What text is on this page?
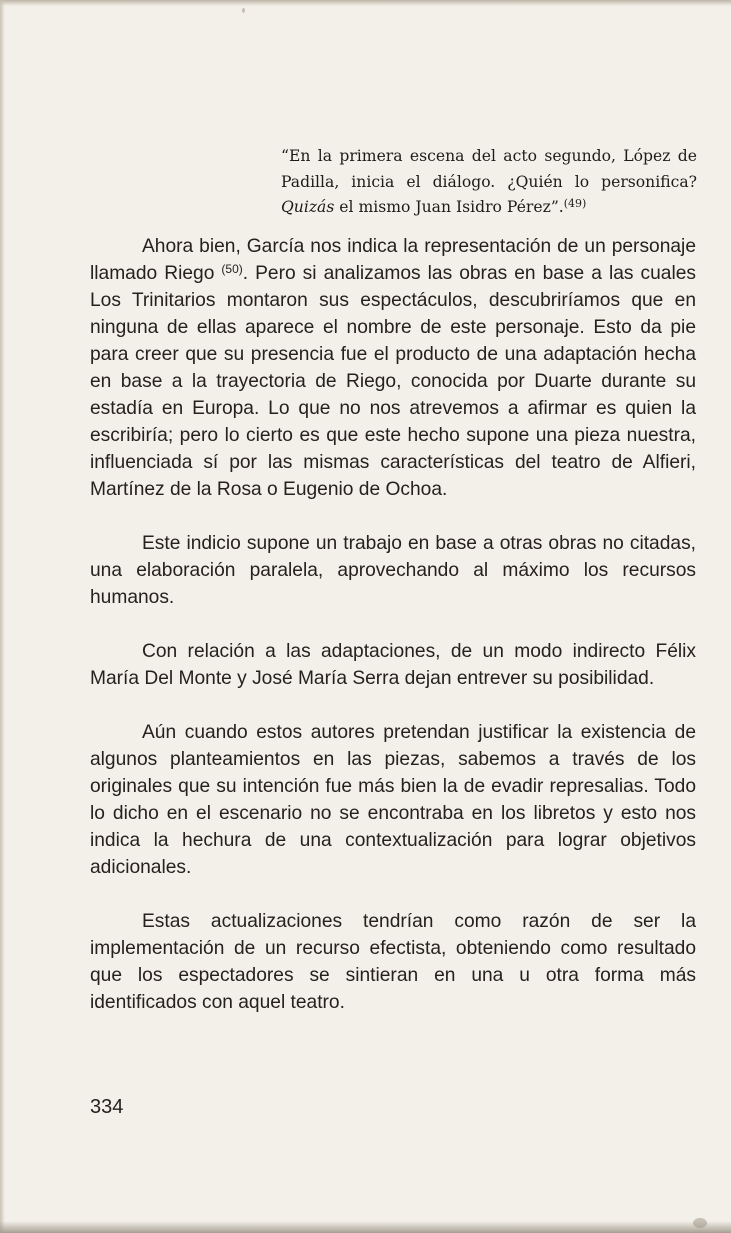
“En la primera escena del acto segundo, López de Padilla, inicia el diálogo. ¿Quién lo personifica? Quizás el mismo Juan Isidro Pérez”.$^{(49)}$

Ahora bien, García nos indica la representación de un personaje llamado Riego $^{(50)}$. Pero si analizamos las obras en base a las cuales Los Trinitarios montaron sus espectáculos, descubriríamos que en ninguna de ellas aparece el nombre de este personaje. Esto da pie para creer que su presencia fue el producto de una adaptación hecha en base a la trayectoria de Riego, conocida por Duarte durante su estadía en Europa. Lo que no nos atrevemos a afirmar es quien la escribiría; pero lo cierto es que este hecho supone una pieza nuestra, influenciada sí por las mismas características del teatro de Alfieri, Martínez de la Rosa o Eugenio de Ochoa.

Este indicio supone un trabajo en base a otras obras no citadas, una elaboración paralela, aprovechando al máximo los recursos humanos.

Con relación a las adaptaciones, de un modo indirecto Félix María Del Monte y José María Serra dejan entrever su posibilidad.

Aún cuando estos autores pretendan justificar la existencia de algunos planteamientos en las piezas, sabemos a través de los originales que su intención fue más bien la de evadir represalias. Todo lo dicho en el escenario no se encontraba en los libretos y esto nos indica la hechura de una contextualización para lograr objetivos adicionales.

Estas actualizaciones tendrían como razón de ser la implementación de un recurso efectista, obteniendo como resultado que los espectadores se sintieran en una u otra forma más identificados con aquel teatro.

334
